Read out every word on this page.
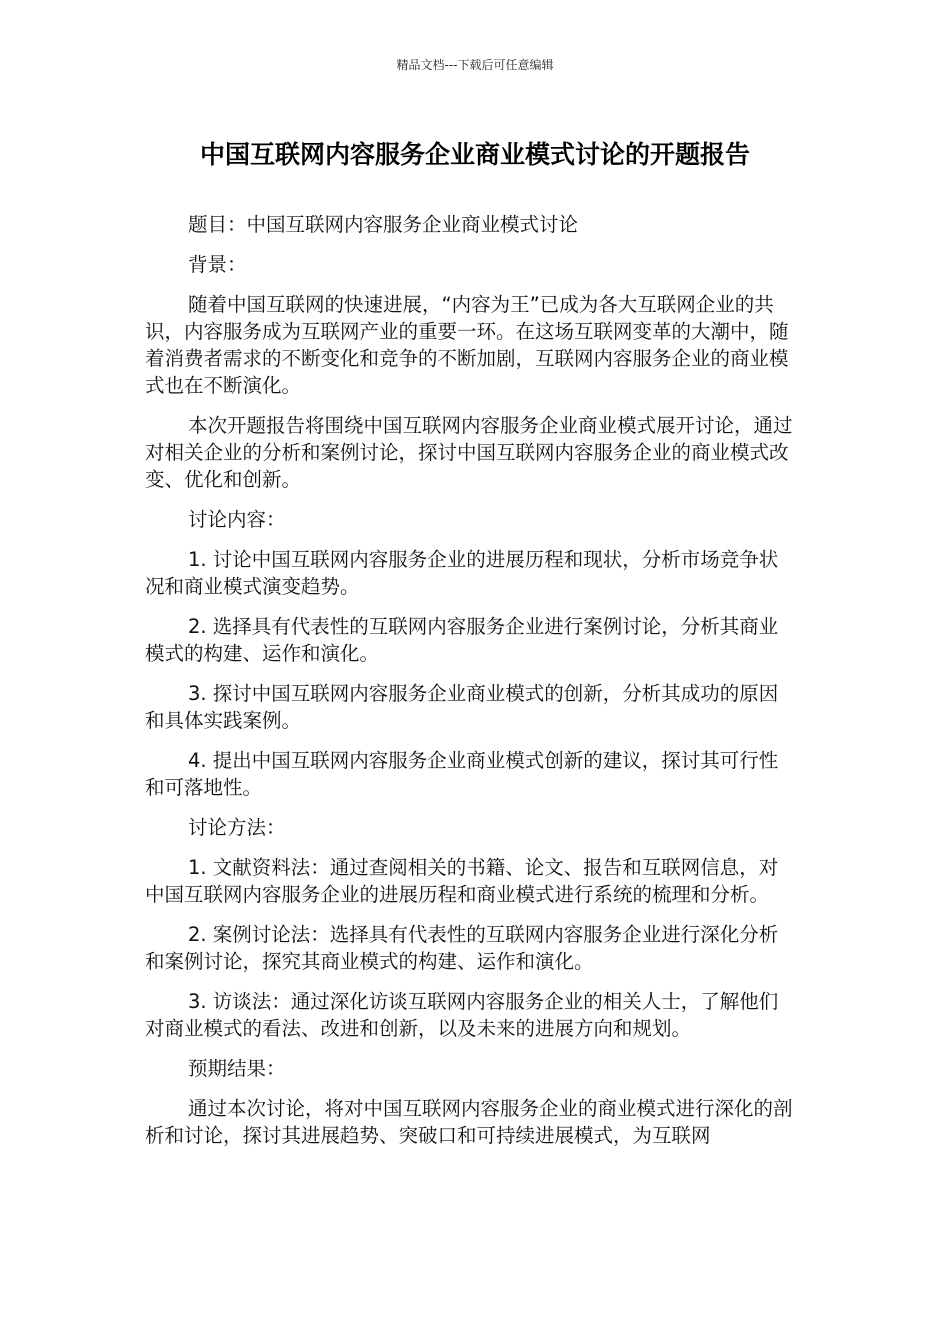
精品文档---下载后可任意编辑
中国互联网内容服务企业商业模式讨论的开题报告

题目：中国互联网内容服务企业商业模式讨论

背景：

随着中国互联网的快速进展，“内容为王”已成为各大互联网企业的共识，内容服务成为互联网产业的重要一环。在这场互联网变革的大潮中，随着消费者需求的不断变化和竞争的不断加剧，互联网内容服务企业的商业模式也在不断演化。

本次开题报告将围绕中国互联网内容服务企业商业模式展开讨论，通过对相关企业的分析和案例讨论，探讨中国互联网内容服务企业的商业模式改变、优化和创新。

讨论内容：

1. 讨论中国互联网内容服务企业的进展历程和现状，分析市场竞争状况和商业模式演变趋势。

2. 选择具有代表性的互联网内容服务企业进行案例讨论，分析其商业模式的构建、运作和演化。

3. 探讨中国互联网内容服务企业商业模式的创新，分析其成功的原因和具体实践案例。

4. 提出中国互联网内容服务企业商业模式创新的建议，探讨其可行性和可落地性。

讨论方法：

1. 文献资料法：通过查阅相关的书籍、论文、报告和互联网信息，对中国互联网内容服务企业的进展历程和商业模式进行系统的梳理和分析。

2. 案例讨论法：选择具有代表性的互联网内容服务企业进行深化分析和案例讨论，探究其商业模式的构建、运作和演化。

3. 访谈法：通过深化访谈互联网内容服务企业的相关人士，了解他们对商业模式的看法、改进和创新，以及未来的进展方向和规划。

预期结果：

通过本次讨论，将对中国互联网内容服务企业的商业模式进行深化的剖析和讨论，探讨其进展趋势、突破口和可持续进展模式，为互联网
